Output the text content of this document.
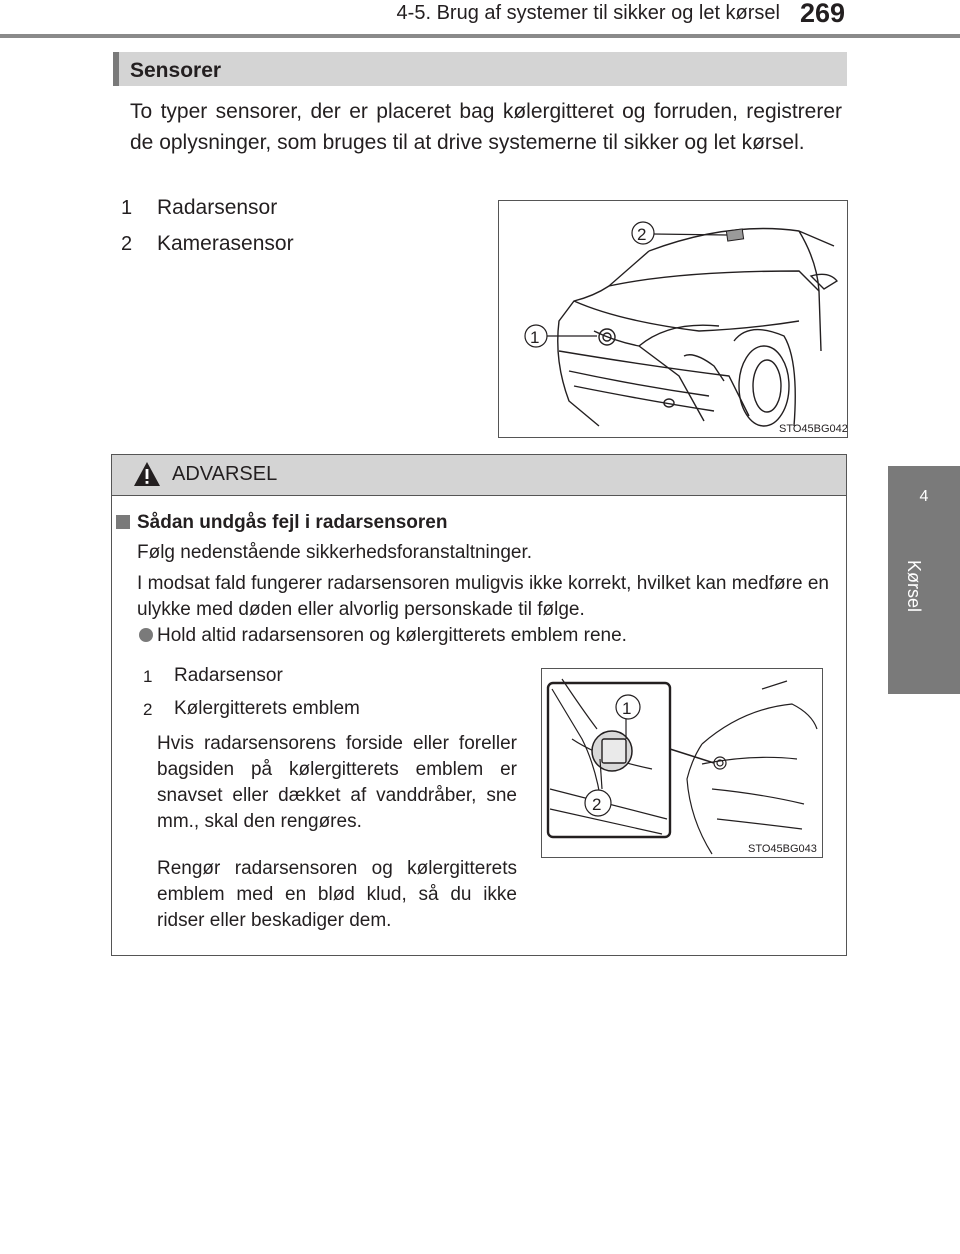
4-5. Brug af systemer til sikker og let kørsel 269
4
Kørsel
Sensorer
To typer sensorer, der er placeret bag kølergitteret og forruden, registrerer de oplysninger, som bruges til at drive systemerne til sikker og let kørsel.
1 Radarsensor
2 Kamerasensor	2
1
STO45BG042
ADVARSEL
Sådan undgås fejl i radarsensoren
Følg nedenstående sikkerhedsforanstaltninger.
I modsat fald fungerer radarsensoren muligvis ikke korrekt, hvilket kan medføre en ulykke med døden eller alvorlig personskade til følge.
Hold altid radarsensoren og kølergitterets emblem rene.
1 Radarsensor
2 Kølergitterets emblem
Hvis radarsensorens forside eller foreller bagsiden på kølergitterets emblem er snavset eller dækket af vanddråber, sne mm., skal den rengøres.
Rengør radarsensoren og kølergitterets emblem med en blød klud, så du ikke ridser eller beskadiger dem.
1
2
STO45BG043
